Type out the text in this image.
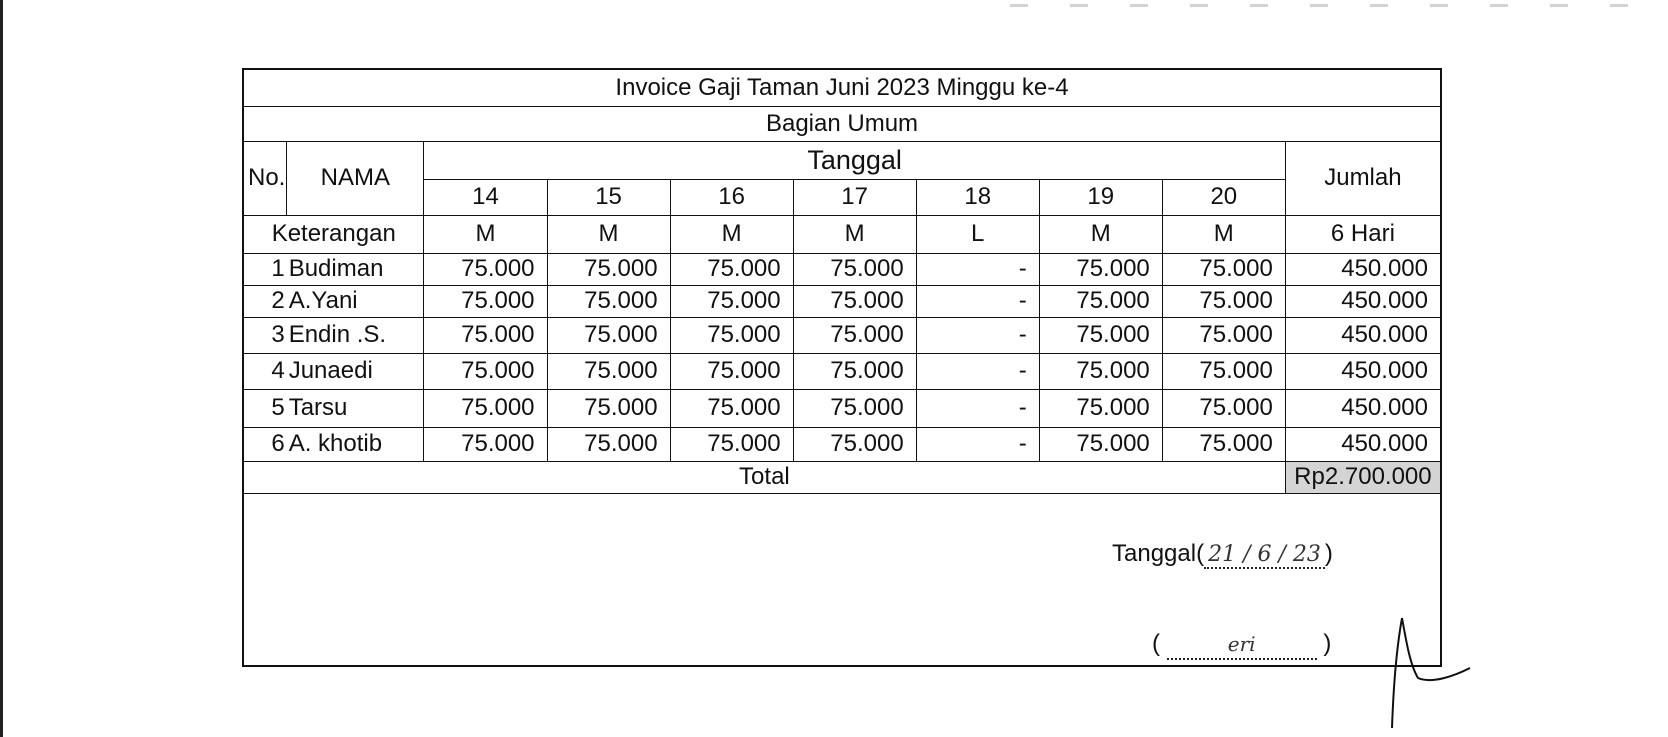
Invoice Gaji Taman Juni 2023 Minggu ke-4									
Bagian Umum									
No.	NAMA	Tanggal							Jumlah
		14	15	16	17	18	19	20	
Keterangan		M	M	M	M	L	M	M	6 Hari
1	Budiman	75.000	75.000	75.000	75.000	-	75.000	75.000	450.000
2	A.Yani	75.000	75.000	75.000	75.000	-	75.000	75.000	450.000
3	Endin .S.	75.000	75.000	75.000	75.000	-	75.000	75.000	450.000
4	Junaedi	75.000	75.000	75.000	75.000	-	75.000	75.000	450.000
5	Tarsu	75.000	75.000	75.000	75.000	-	75.000	75.000	450.000
6	A. khotib	75.000	75.000	75.000	75.000	-	75.000	75.000	450.000
Total									Rp2.700.000
Tanggal( 21 / 6 / 23 )
(	eri	)
